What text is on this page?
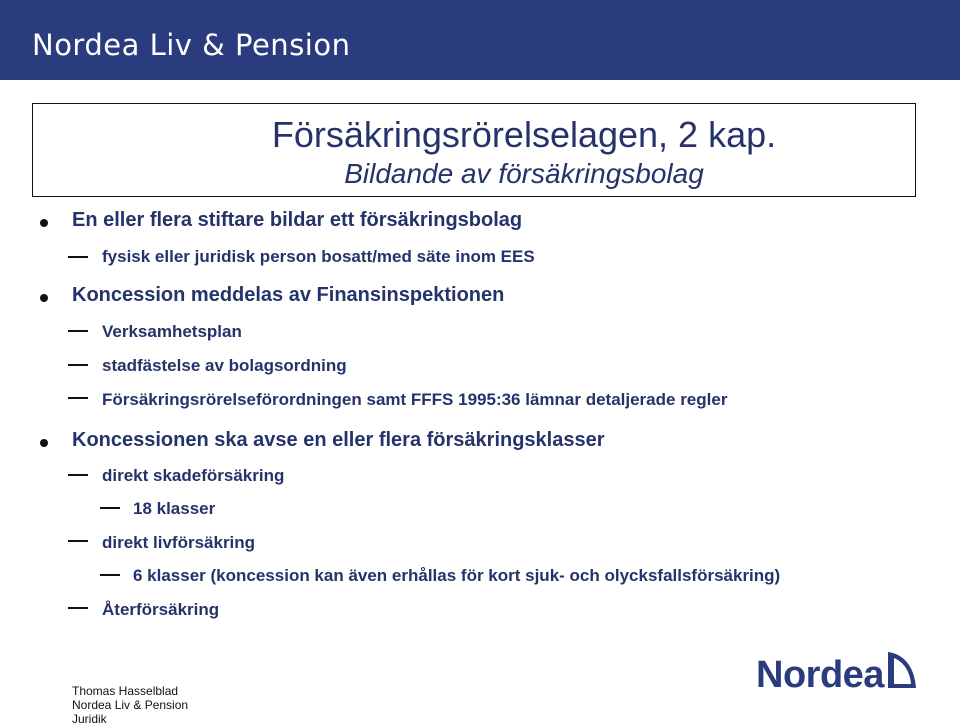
Nordea Liv & Pension
Försäkringsrörelselagen, 2 kap.
Bildande av försäkringsbolag
En eller flera stiftare bildar ett försäkringsbolag
fysisk eller juridisk person bosatt/med säte inom EES
Koncession meddelas av Finansinspektionen
Verksamhetsplan
stadfästelse av bolagsordning
Försäkringsrörelseförordningen samt FFFS 1995:36 lämnar detaljerade regler
Koncessionen ska avse en eller flera försäkringsklasser
direkt skadeförsäkring
18 klasser
direkt livförsäkring
6 klasser (koncession kan även erhållas för kort sjuk- och olycksfallsförsäkring)
Återförsäkring
Thomas Hasselblad
Nordea Liv & Pension
Juridik
Nordea
